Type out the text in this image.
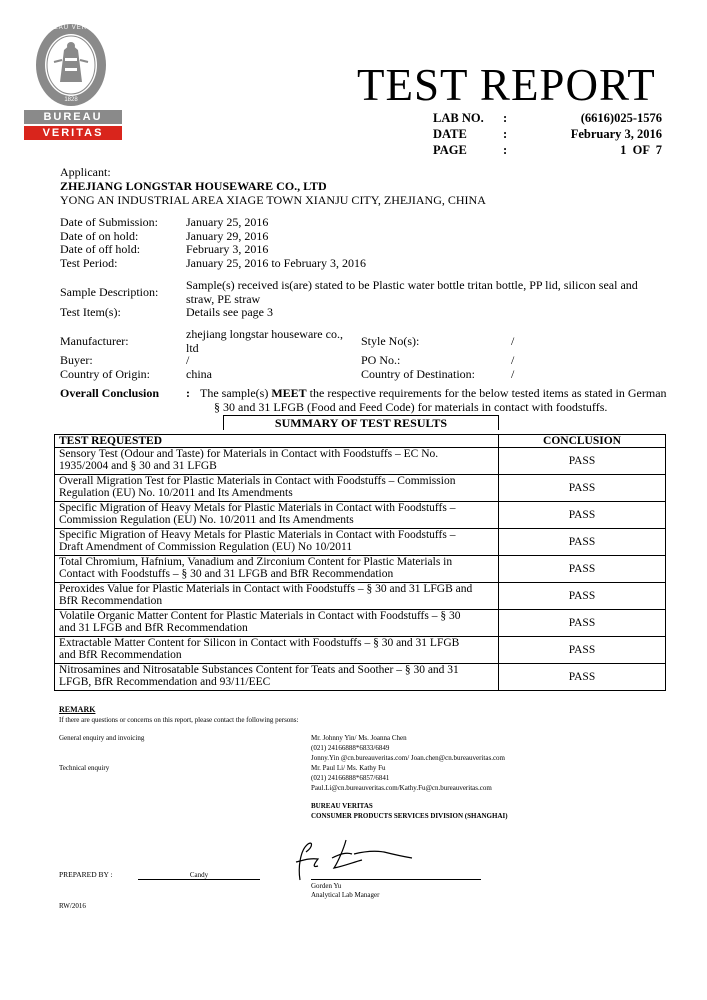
BUREAU VERITAS
1828
BUREAU
VERITAS
TEST REPORT
LAB NO. :	(6616)025-1576
DATE	:	February 3, 2016
PAGE	:	1  OF  7
Applicant:
ZHEJIANG LONGSTAR HOUSEWARE CO., LTD
YONG AN INDUSTRIAL AREA XIAGE TOWN XIANJU CITY, ZHEJIANG, CHINA
Date of Submission: January 25, 2016
Date of on hold:	January 29, 2016
Date of off hold:	February 3, 2016
Test Period:	January 25, 2016 to February 3, 2016
Sample Description: Sample(s) received is(are) stated to be Plastic water bottle tritan bottle, PP lid, silicon seal and
straw, PE straw
Test Item(s):	Details see page 3
Manufacturer:	zhejiang longstar houseware co.,
ltd	Style No(s):	/
Buyer:	/	PO No.:	/
Country of Origin:	china	Country of Destination:	/
Overall Conclusion : The sample(s) MEET the respective requirements for the below tested items as stated in German
§ 30 and 31 LFGB (Food and Feed Code) for materials in contact with foodstuffs.
SUMMARY OF TEST RESULTS
TEST REQUESTED	CONCLUSION

Sensory Test (Odour and Taste) for Materials in Contact with Foodstuffs – EC No.
1935/2004 and § 30 and 31 LFGB	PASS

Overall Migration Test for Plastic Materials in Contact with Foodstuffs – Commission
Regulation (EU) No. 10/2011 and Its Amendments	PASS

Specific Migration of Heavy Metals for Plastic Materials in Contact with Foodstuffs –
Commission Regulation (EU) No. 10/2011 and Its Amendments	PASS

Specific Migration of Heavy Metals for Plastic Materials in Contact with Foodstuffs –
Draft Amendment of Commission Regulation (EU) No 10/2011	PASS

Total Chromium, Hafnium, Vanadium and Zirconium Content for Plastic Materials in
Contact with Foodstuffs – § 30 and 31 LFGB and BfR Recommendation	PASS

Peroxides Value for Plastic Materials in Contact with Foodstuffs – § 30 and 31 LFGB and
BfR Recommendation	PASS

Volatile Organic Matter Content for Plastic Materials in Contact with Foodstuffs – § 30
and 31 LFGB and BfR Recommendation	PASS

Extractable Matter Content for Silicon in Contact with Foodstuffs – § 30 and 31 LFGB
and BfR Recommendation	PASS

Nitrosamines and Nitrosatable Substances Content for Teats and Soother – § 30 and 31
LFGB, BfR Recommendation and 93/11/EEC	PASS
REMARK
If there are questions or concerns on this report, please contact the following persons:
General enquiry and invoicing	Mr. Johnny Yin/ Ms. Joanna Chen
(021) 24166888*6833/6849
Jonny.Yin @cn.bureauveritas.com/ Joan.chen@cn.bureauveritas.com
Technical enquiry	Mr. Paul Li/ Ms. Kathy Fu
(021) 24166888*6857/6841
Paul.Li@cn.bureauveritas.com/Kathy.Fu@cn.bureauveritas.com
BUREAU VERITAS
CONSUMER PRODUCTS SERVICES DIVISION (SHANGHAI)
PREPARED BY :	Candy
Gorden Yu
Analytical Lab Manager
RW/2016
